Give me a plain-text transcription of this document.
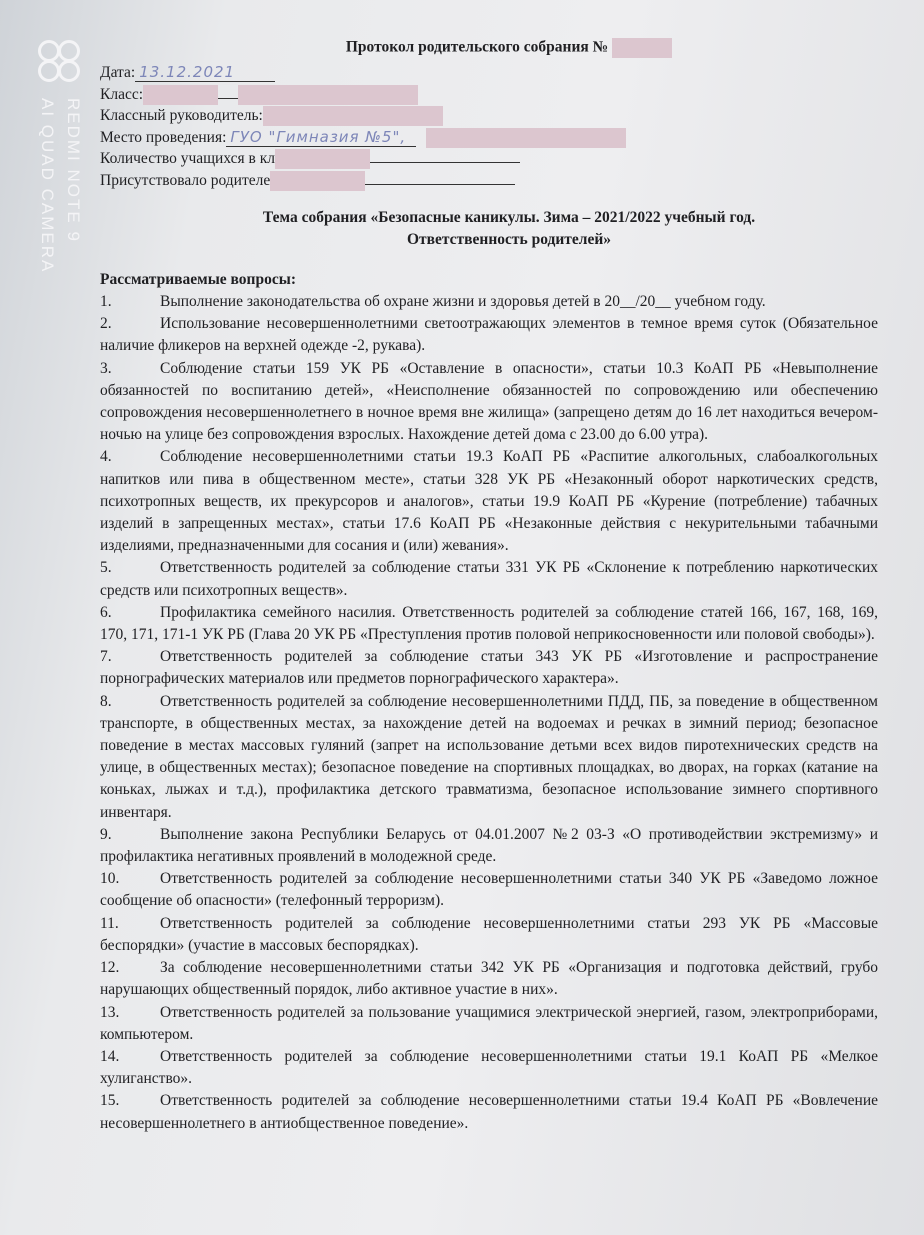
REDMI NOTE 9
AI QUAD CAMERA
Протокол родительского собрания №
Дата: 13.12.2021
Класс:
Классный руководитель:
Место проведения: ГУО "Гимназия №5",
Количество учащихся в кл
Присутствовало родителе
Тема собрания «Безопасные каникулы. Зима – 2021/2022 учебный год.
Ответственность родителей»
Рассматриваемые вопросы:
1.	Выполнение законодательства об охране жизни и здоровья детей в 20__/20__ учебном году.
2.	Использование несовершеннолетними светоотражающих элементов в темное время суток (Обязательное наличие фликеров на верхней одежде -2, рукава).
3.	Соблюдение статьи 159 УК РБ «Оставление в опасности», статьи 10.3 КоАП РБ «Невыполнение обязанностей по воспитанию детей», «Неисполнение обязанностей по сопровождению или обеспечению сопровождения несовершеннолетнего в ночное время вне жилища» (запрещено детям до 16 лет находиться вечером-ночью на улице без сопровождения взрослых. Нахождение детей дома с 23.00 до 6.00 утра).
4.	Соблюдение несовершеннолетними статьи 19.3 КоАП РБ «Распитие алкогольных, слабоалкогольных напитков или пива в общественном месте», статьи 328 УК РБ «Незаконный оборот наркотических средств, психотропных веществ, их прекурсоров и аналогов», статьи 19.9 КоАП РБ «Курение (потребление) табачных изделий в запрещенных местах», статьи 17.6 КоАП РБ «Незаконные действия с некурительными табачными изделиями, предназначенными для сосания и (или) жевания».
5.	Ответственность родителей за соблюдение статьи 331 УК РБ «Склонение к потреблению наркотических средств или психотропных веществ».
6.	Профилактика семейного насилия. Ответственность родителей за соблюдение статей 166, 167, 168, 169, 170, 171, 171-1 УК РБ (Глава 20 УК РБ «Преступления против половой неприкосновенности или половой свободы»).
7.	Ответственность родителей за соблюдение статьи 343 УК РБ «Изготовление и распространение порнографических материалов или предметов порнографического характера».
8.	Ответственность родителей за соблюдение несовершеннолетними ПДД, ПБ, за поведение в общественном транспорте, в общественных местах, за нахождение детей на водоемах и речках в зимний период; безопасное поведение в местах массовых гуляний (запрет на использование детьми всех видов пиротехнических средств на улице, в общественных местах); безопасное поведение на спортивных площадках, во дворах, на горках (катание на коньках, лыжах и т.д.), профилактика детского травматизма, безопасное использование зимнего спортивного инвентаря.
9.	Выполнение закона Республики Беларусь от 04.01.2007 №2 03-З «О противодействии экстремизму» и профилактика негативных проявлений в молодежной среде.
10.	Ответственность родителей за соблюдение несовершеннолетними статьи 340 УК РБ «Заведомо ложное сообщение об опасности» (телефонный терроризм).
11.	Ответственность родителей за соблюдение несовершеннолетними статьи 293 УК РБ «Массовые беспорядки» (участие в массовых беспорядках).
12.	За соблюдение несовершеннолетними статьи 342 УК РБ «Организация и подготовка действий, грубо нарушающих общественный порядок, либо активное участие в них».
13.	Ответственность родителей за пользование учащимися электрической энергией, газом, электроприборами, компьютером.
14.	Ответственность родителей за соблюдение несовершеннолетними статьи 19.1 КоАП РБ «Мелкое хулиганство».
15.	Ответственность родителей за соблюдение несовершеннолетними статьи 19.4 КоАП РБ «Вовлечение несовершеннолетнего в антиобщественное поведение».
